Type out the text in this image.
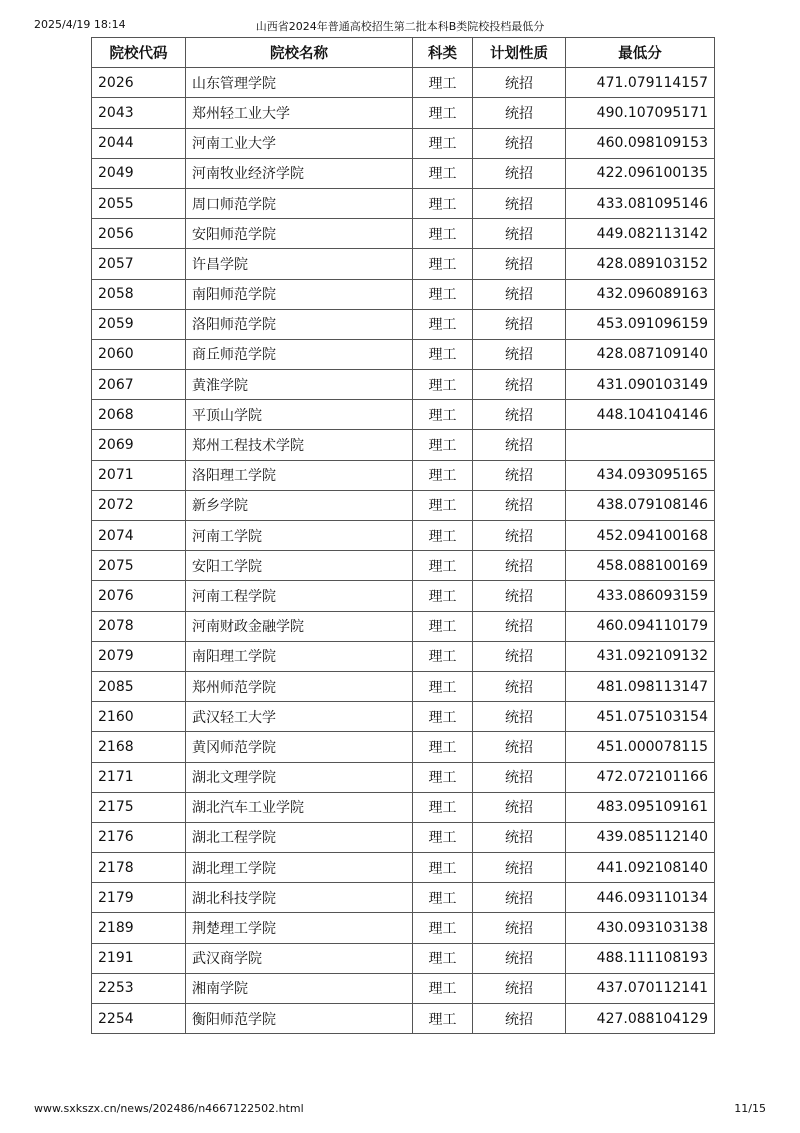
2025/4/19 18:14	山西省2024年普通高校招生第二批本科B类院校投档最低分
院校代码	院校名称	科类	计划性质	最低分
2026	山东管理学院	理工	统招	471.079114157
2043	郑州轻工业大学	理工	统招	490.107095171
2044	河南工业大学	理工	统招	460.098109153
2049	河南牧业经济学院	理工	统招	422.096100135
2055	周口师范学院	理工	统招	433.081095146
2056	安阳师范学院	理工	统招	449.082113142
2057	许昌学院	理工	统招	428.089103152
2058	南阳师范学院	理工	统招	432.096089163
2059	洛阳师范学院	理工	统招	453.091096159
2060	商丘师范学院	理工	统招	428.087109140
2067	黄淮学院	理工	统招	431.090103149
2068	平顶山学院	理工	统招	448.104104146
2069	郑州工程技术学院	理工	统招	
2071	洛阳理工学院	理工	统招	434.093095165
2072	新乡学院	理工	统招	438.079108146
2074	河南工学院	理工	统招	452.094100168
2075	安阳工学院	理工	统招	458.088100169
2076	河南工程学院	理工	统招	433.086093159
2078	河南财政金融学院	理工	统招	460.094110179
2079	南阳理工学院	理工	统招	431.092109132
2085	郑州师范学院	理工	统招	481.098113147
2160	武汉轻工大学	理工	统招	451.075103154
2168	黄冈师范学院	理工	统招	451.000078115
2171	湖北文理学院	理工	统招	472.072101166
2175	湖北汽车工业学院	理工	统招	483.095109161
2176	湖北工程学院	理工	统招	439.085112140
2178	湖北理工学院	理工	统招	441.092108140
2179	湖北科技学院	理工	统招	446.093110134
2189	荆楚理工学院	理工	统招	430.093103138
2191	武汉商学院	理工	统招	488.111108193
2253	湘南学院	理工	统招	437.070112141
2254	衡阳师范学院	理工	统招	427.088104129
www.sxkszx.cn/news/202486/n4667122502.html	11/15
